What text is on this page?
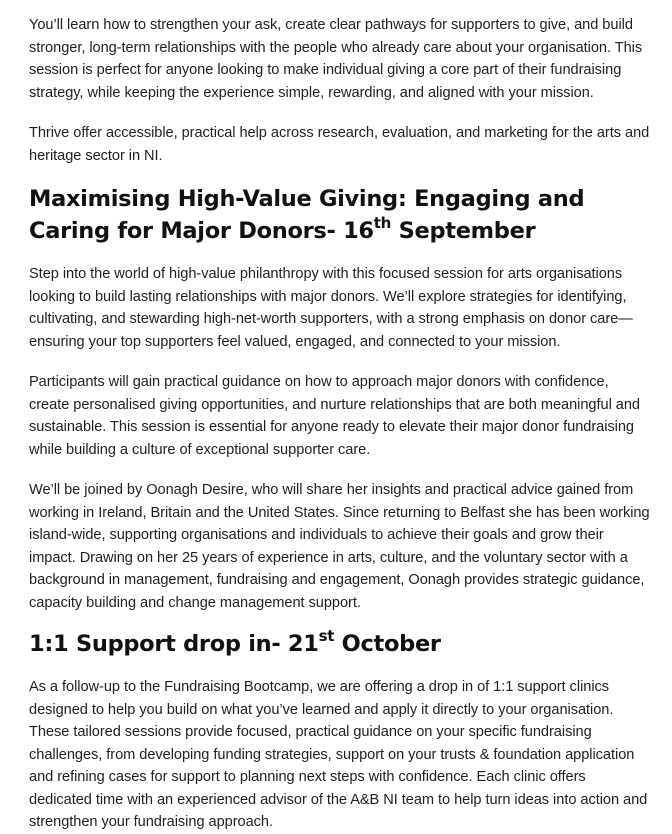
You’ll learn how to strengthen your ask, create clear pathways for supporters to give, and build stronger, long-term relationships with the people who already care about your organisation. This session is perfect for anyone looking to make individual giving a core part of their fundraising strategy, while keeping the experience simple, rewarding, and aligned with your mission.

Thrive offer accessible, practical help across research, evaluation, and marketing for the arts and heritage sector in NI.

Maximising High-Value Giving: Engaging and Caring for Major Donors- 16th September

Step into the world of high-value philanthropy with this focused session for arts organisations looking to build lasting relationships with major donors. We’ll explore strategies for identifying, cultivating, and stewarding high-net-worth supporters, with a strong emphasis on donor care—ensuring your top supporters feel valued, engaged, and connected to your mission.

Participants will gain practical guidance on how to approach major donors with confidence, create personalised giving opportunities, and nurture relationships that are both meaningful and sustainable. This session is essential for anyone ready to elevate their major donor fundraising while building a culture of exceptional supporter care.

We’ll be joined by Oonagh Desire, who will share her insights and practical advice gained from working in Ireland, Britain and the United States. Since returning to Belfast she has been working island-wide, supporting organisations and individuals to achieve their goals and grow their impact. Drawing on her 25 years of experience in arts, culture, and the voluntary sector with a background in management, fundraising and engagement, Oonagh provides strategic guidance, capacity building and change management support.

1:1 Support drop in- 21st October

As a follow-up to the Fundraising Bootcamp, we are offering a drop in of 1:1 support clinics designed to help you build on what you’ve learned and apply it directly to your organisation. These tailored sessions provide focused, practical guidance on your specific fundraising challenges, from developing funding strategies, support on your trusts & foundation application and refining cases for support to planning next steps with confidence. Each clinic offers dedicated time with an experienced advisor of the A&B NI team to help turn ideas into action and strengthen your fundraising approach.
